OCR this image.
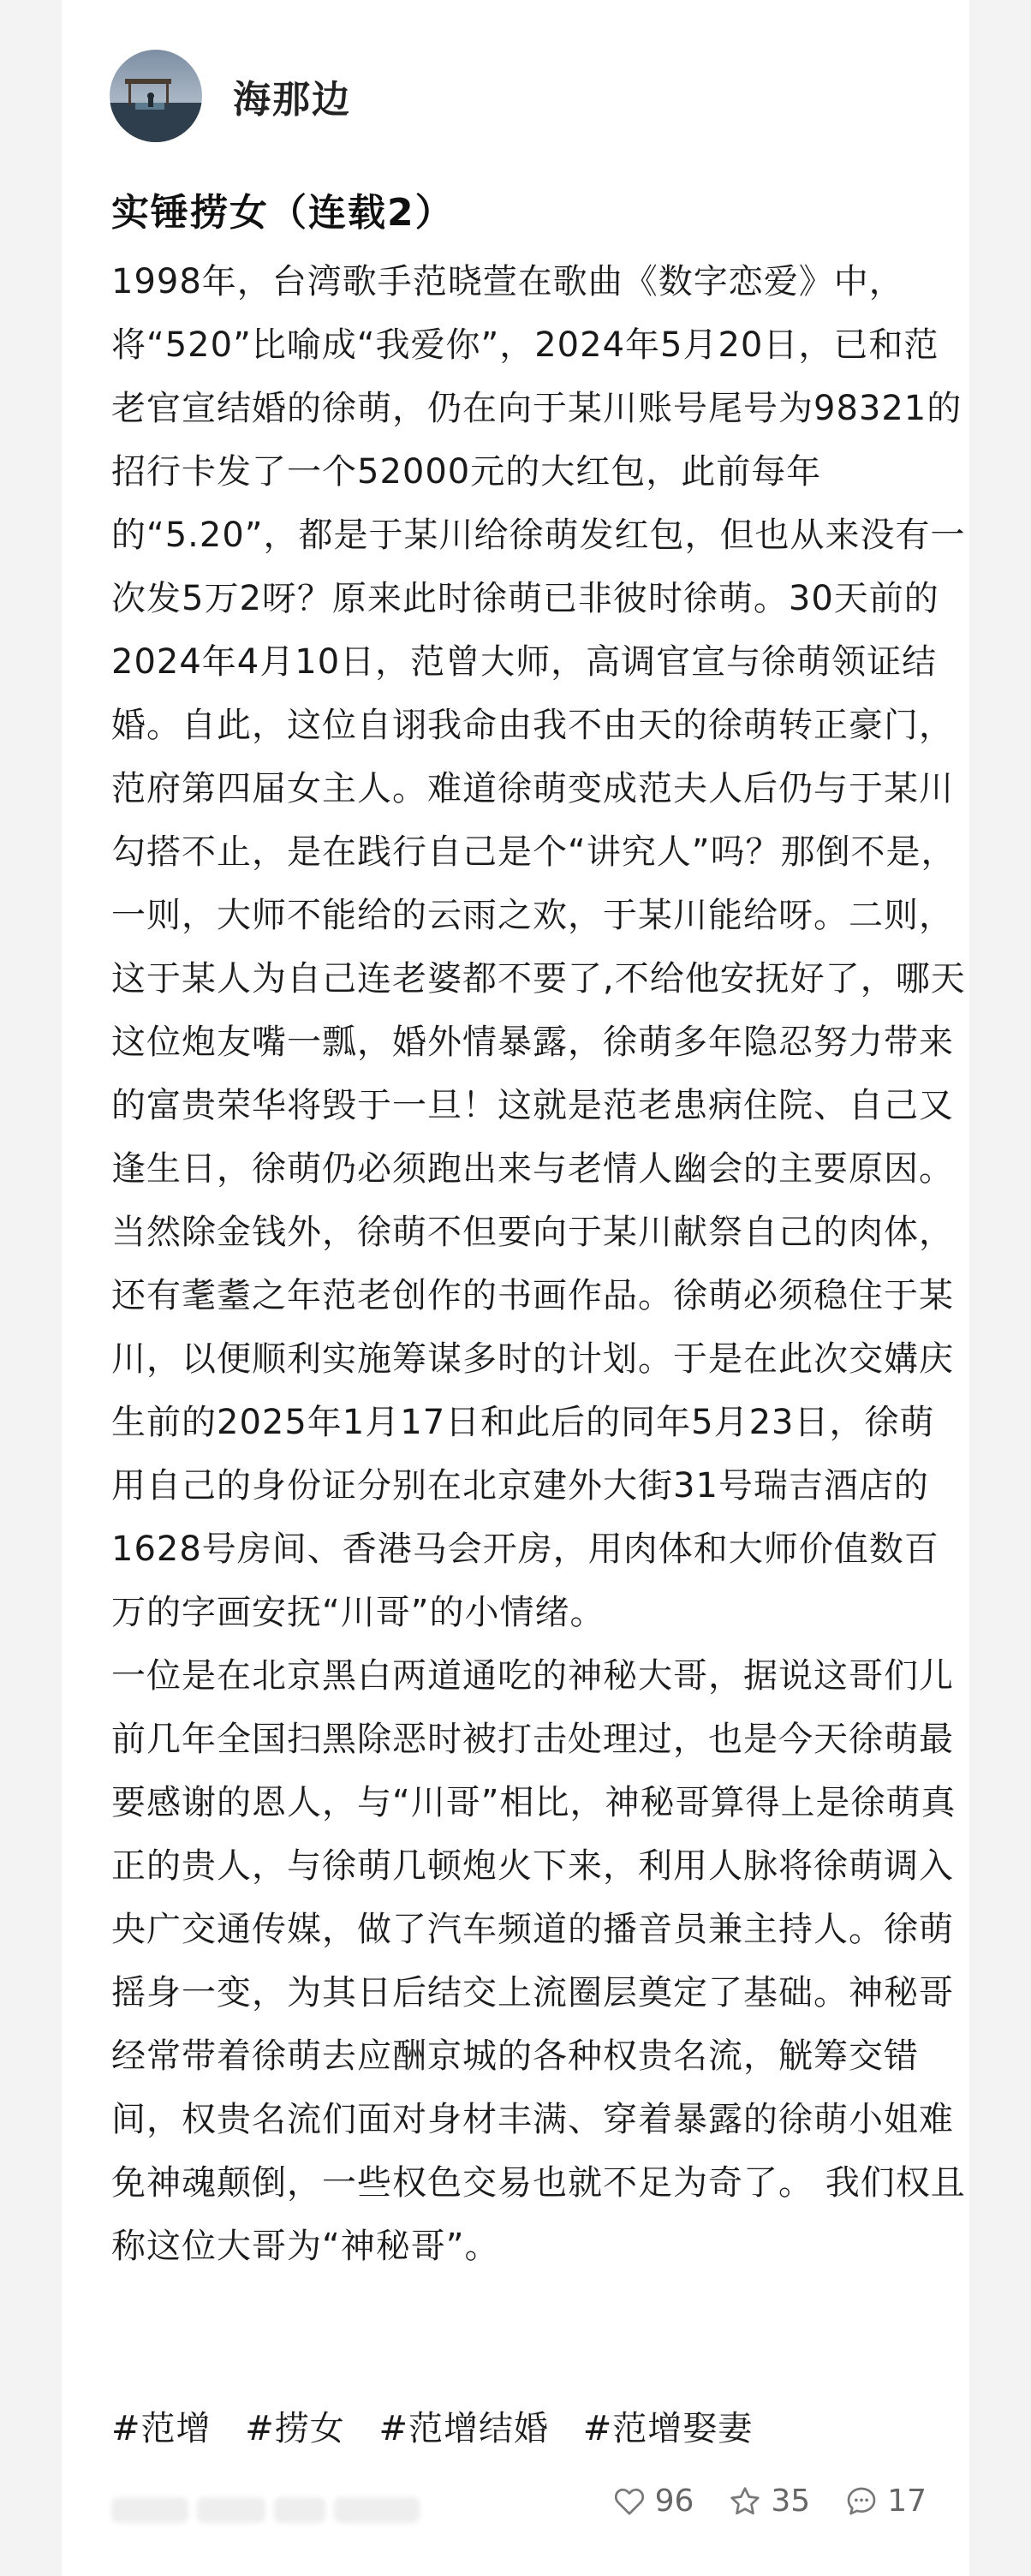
海那边
实锤捞女（连载2）

1998年，台湾歌手范晓萱在歌曲《数字恋爱》中，将“520”比喻成“我爱你”，2024年5月20日，已和范老官宣结婚的徐萌，仍在向于某川账号尾号为98321的招行卡发了一个52000元的大红包，此前每年的“5.20”，都是于某川给徐萌发红包，但也从来没有一次发5万2呀？原来此时徐萌已非彼时徐萌。30天前的2024年4月10日，范曾大师，高调官宣与徐萌领证结婚。自此，这位自诩我命由我不由天的徐萌转正豪门，范府第四届女主人。难道徐萌变成范夫人后仍与于某川勾搭不止，是在践行自己是个“讲究人”吗？那倒不是，一则，大师不能给的云雨之欢，于某川能给呀。二则，这于某人为自己连老婆都不要了,不给他安抚好了，哪天这位炮友嘴一瓢，婚外情暴露，徐萌多年隐忍努力带来的富贵荣华将毁于一旦！这就是范老患病住院、自己又逢生日，徐萌仍必须跑出来与老情人幽会的主要原因。当然除金钱外，徐萌不但要向于某川献祭自己的肉体，还有耄耋之年范老创作的书画作品。徐萌必须稳住于某川，以便顺利实施筹谋多时的计划。于是在此次交媾庆生前的2025年1月17日和此后的同年5月23日，徐萌用自己的身份证分别在北京建外大街31号瑞吉酒店的1628号房间、香港马会开房，用肉体和大师价值数百万的字画安抚“川哥”的小情绪。

一位是在北京黑白两道通吃的神秘大哥，据说这哥们儿前几年全国扫黑除恶时被打击处理过，也是今天徐萌最要感谢的恩人，与“川哥”相比，神秘哥算得上是徐萌真正的贵人，与徐萌几顿炮火下来，利用人脉将徐萌调入央广交通传媒，做了汽车频道的播音员兼主持人。徐萌摇身一变，为其日后结交上流圈层奠定了基础。神秘哥经常带着徐萌去应酬京城的各种权贵名流，觥筹交错间，权贵名流们面对身材丰满、穿着暴露的徐萌小姐难免神魂颠倒，一些权色交易也就不足为奇了。 我们权且称这位大哥为“神秘哥”。

#范增 #捞女 #范增结婚 #范增娶妻
96	35	17
